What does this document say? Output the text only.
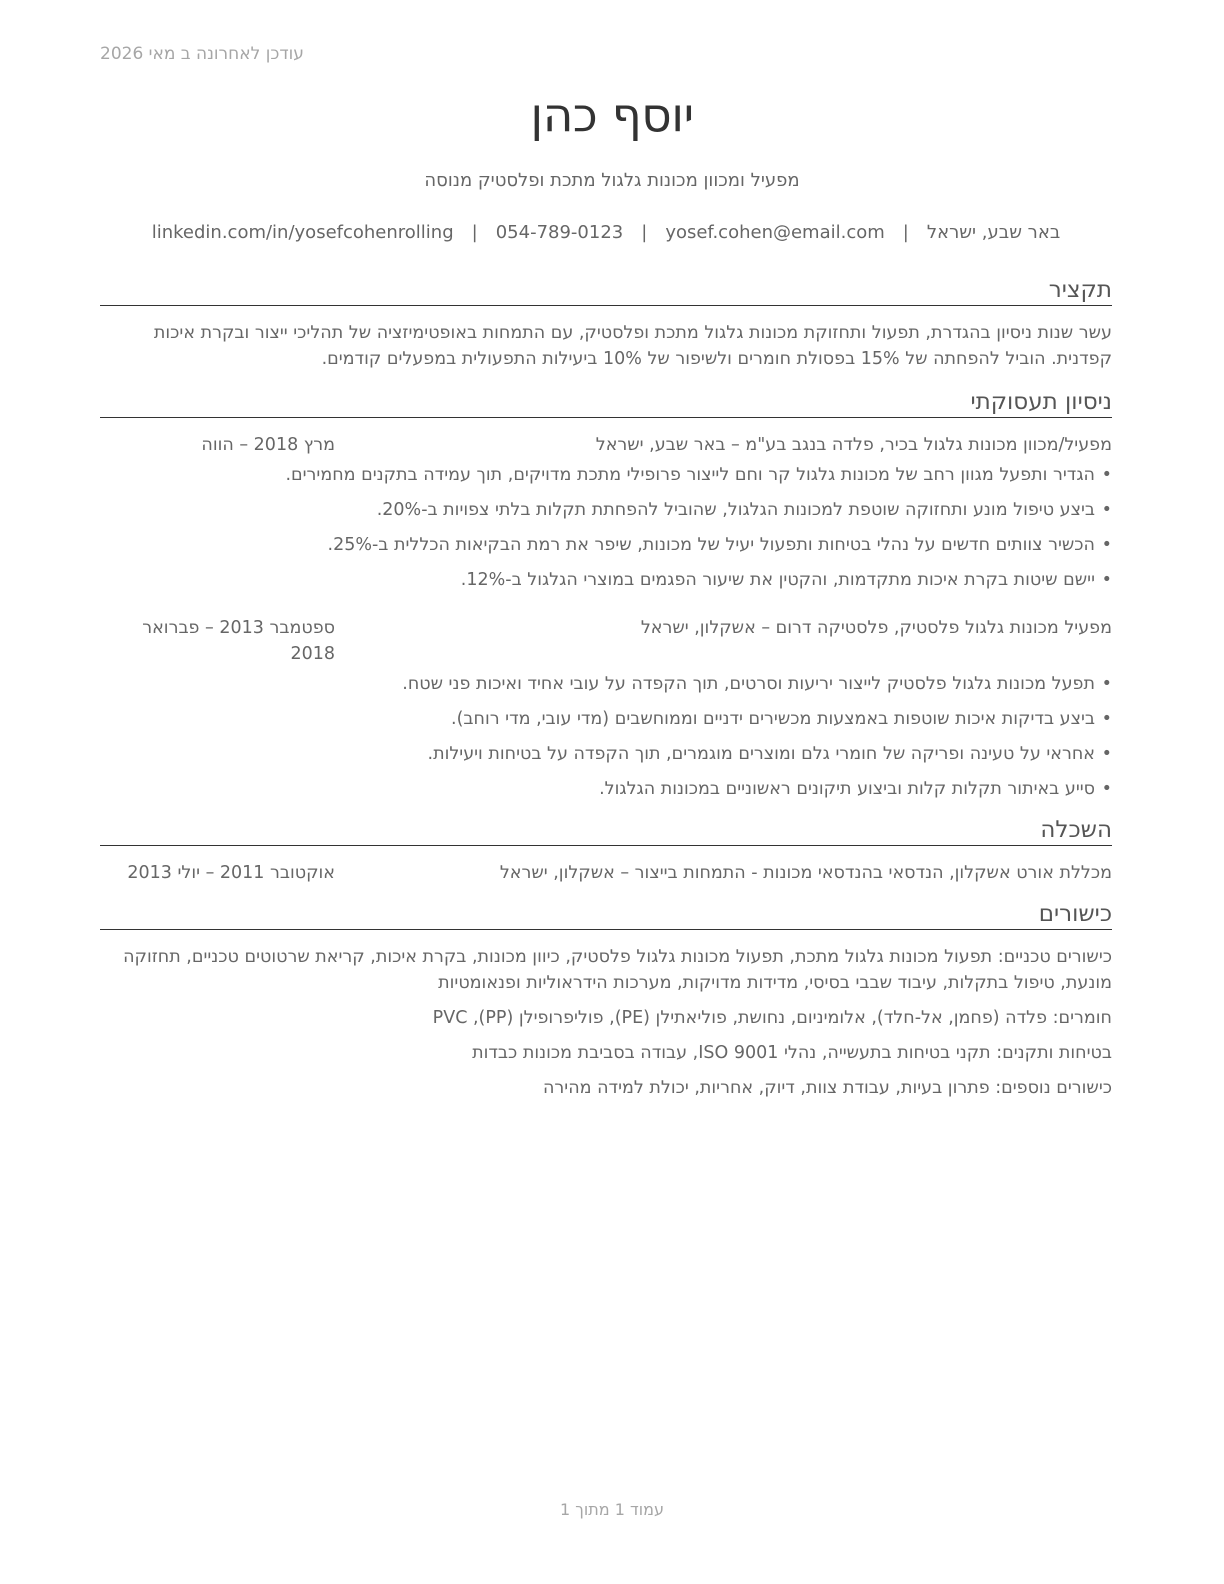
עודכן לאחרונה ב מאי 2026
יוסף כהן
מפעיל ומכוון מכונות גלגול מתכת ופלסטיק מנוסה
באר שבע, ישראל
|
yosef.cohen@email.com
|
054-789-0123
|
linkedin.com/in/yosefcohenrolling
תקציר

עשר שנות ניסיון בהגדרת, תפעול ותחזוקת מכונות גלגול מתכת ופלסטיק, עם התמחות באופטימיזציה של תהליכי ייצור ובקרת איכות קפדנית. הוביל להפחתה של 15% בפסולת חומרים ולשיפור של 10% ביעילות התפעולית במפעלים קודמים.

ניסיון תעסוקתי
מפעיל/מכוון מכונות גלגול בכיר, פלדה בנגב בע"מ – באר שבע, ישראל
מרץ 2018 – הווה
• הגדיר ותפעל מגוון רחב של מכונות גלגול קר וחם לייצור פרופילי מתכת מדויקים, תוך עמידה בתקנים מחמירים.
• ביצע טיפול מונע ותחזוקה שוטפת למכונות הגלגול, שהוביל להפחתת תקלות בלתי צפויות ב-20%.
• הכשיר צוותים חדשים על נהלי בטיחות ותפעול יעיל של מכונות, שיפר את רמת הבקיאות הכללית ב-25%.
• יישם שיטות בקרת איכות מתקדמות, והקטין את שיעור הפגמים במוצרי הגלגול ב-12%.
מפעיל מכונות גלגול פלסטיק, פלסטיקה דרום – אשקלון, ישראל
ספטמבר 2013 – פברואר 2018
• תפעל מכונות גלגול פלסטיק לייצור יריעות וסרטים, תוך הקפדה על עובי אחיד ואיכות פני שטח.
• ביצע בדיקות איכות שוטפות באמצעות מכשירים ידניים וממוחשבים (מדי עובי, מדי רוחב).
• אחראי על טעינה ופריקה של חומרי גלם ומוצרים מוגמרים, תוך הקפדה על בטיחות ויעילות.
• סייע באיתור תקלות קלות וביצוע תיקונים ראשוניים במכונות הגלגול.
השכלה
מכללת אורט אשקלון, הנדסאי בהנדסאי מכונות - התמחות בייצור – אשקלון, ישראל
אוקטובר 2011 – יולי 2013
כישורים

כישורים טכניים: תפעול מכונות גלגול מתכת, תפעול מכונות גלגול פלסטיק, כיוון מכונות, בקרת איכות, קריאת שרטוטים טכניים, תחזוקה מונעת, טיפול בתקלות, עיבוד שבבי בסיסי, מדידות מדויקות, מערכות הידראוליות ופנאומטיות

חומרים: פלדה (פחמן, אל-חלד), אלומיניום, נחושת, פוליאתילן (PE), פוליפרופילן (PP), PVC

בטיחות ותקנים: תקני בטיחות בתעשייה, נהלי ISO 9001, עבודה בסביבת מכונות כבדות

כישורים נוספים: פתרון בעיות, עבודת צוות, דיוק, אחריות, יכולת למידה מהירה

עמוד 1 מתוך 1
